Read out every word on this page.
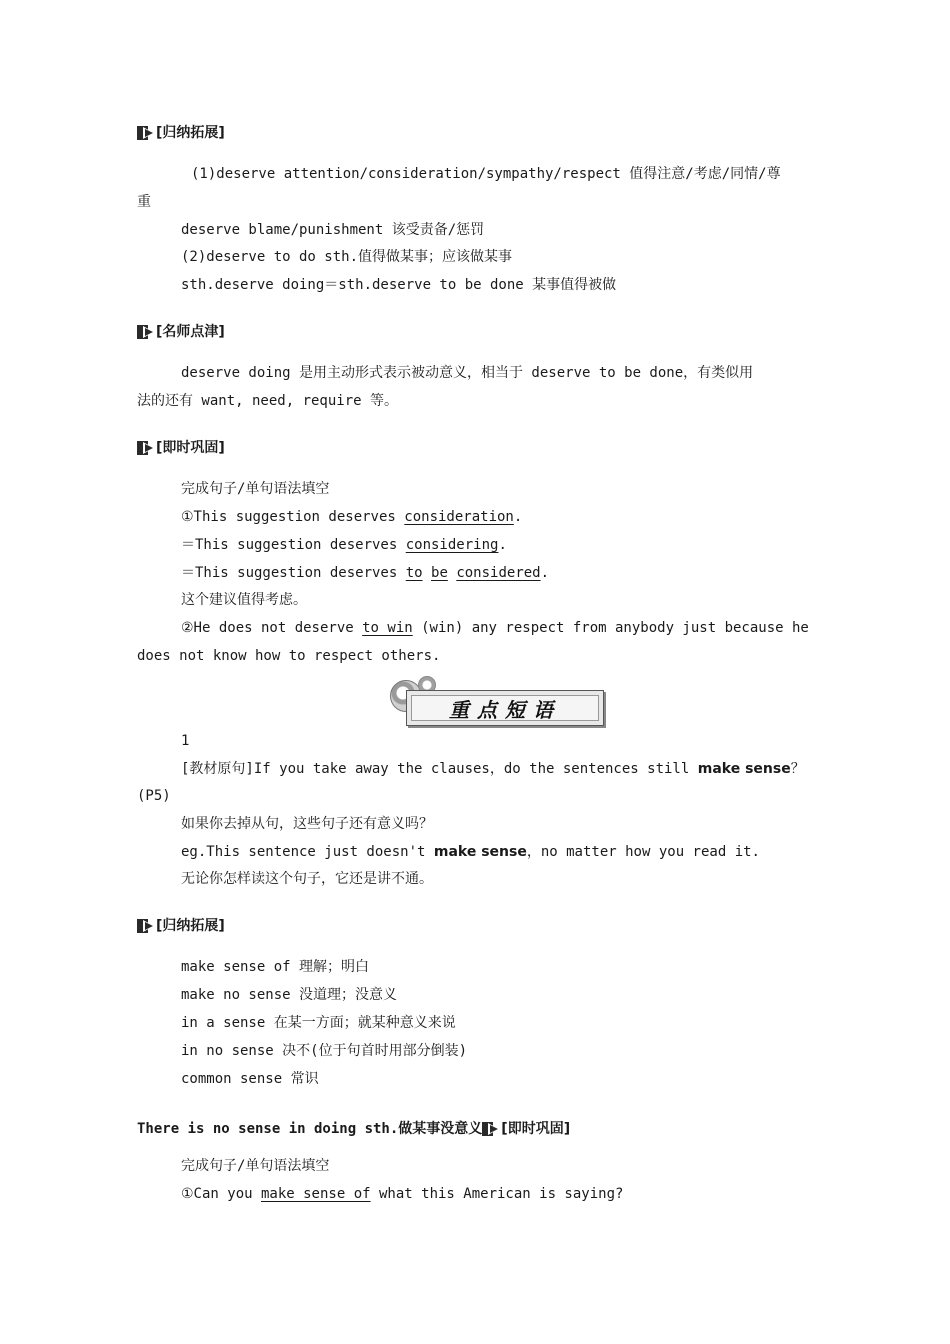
[归纳拓展]
(1)deserve attention/consideration/sympathy/respect 值得注意/考虑/同情/尊
重
deserve blame/punishment 该受责备/惩罚
(2)deserve to do sth.值得做某事；应该做某事
sth.deserve doing＝sth.deserve to be done 某事值得被做
[名师点津]
deserve doing 是用主动形式表示被动意义，相当于 deserve to be done，有类似用
法的还有 want, need, require 等。
[即时巩固]
完成句子/单句语法填空
①This suggestion deserves consideration.
＝This suggestion deserves considering.
＝This suggestion deserves to be considered.
这个建议值得考虑。
②He does not deserve to win (win) any respect from anybody just because he
does not know how to respect others.
重点短语
1
[教材原句]If you take away the clauses，do the sentences still make sense？
(P5)
如果你去掉从句，这些句子还有意义吗？
eg.This sentence just doesn't make sense，no matter how you read it.
无论你怎样读这个句子，它还是讲不通。
[归纳拓展]
make sense of 理解；明白
make no sense 没道理；没意义
in a sense 在某一方面；就某种意义来说
in no sense 决不(位于句首时用部分倒装)
common sense 常识
There is no sense in doing sth.做某事没意义 [即时巩固]
完成句子/单句语法填空
①Can you make sense of what this American is saying?
